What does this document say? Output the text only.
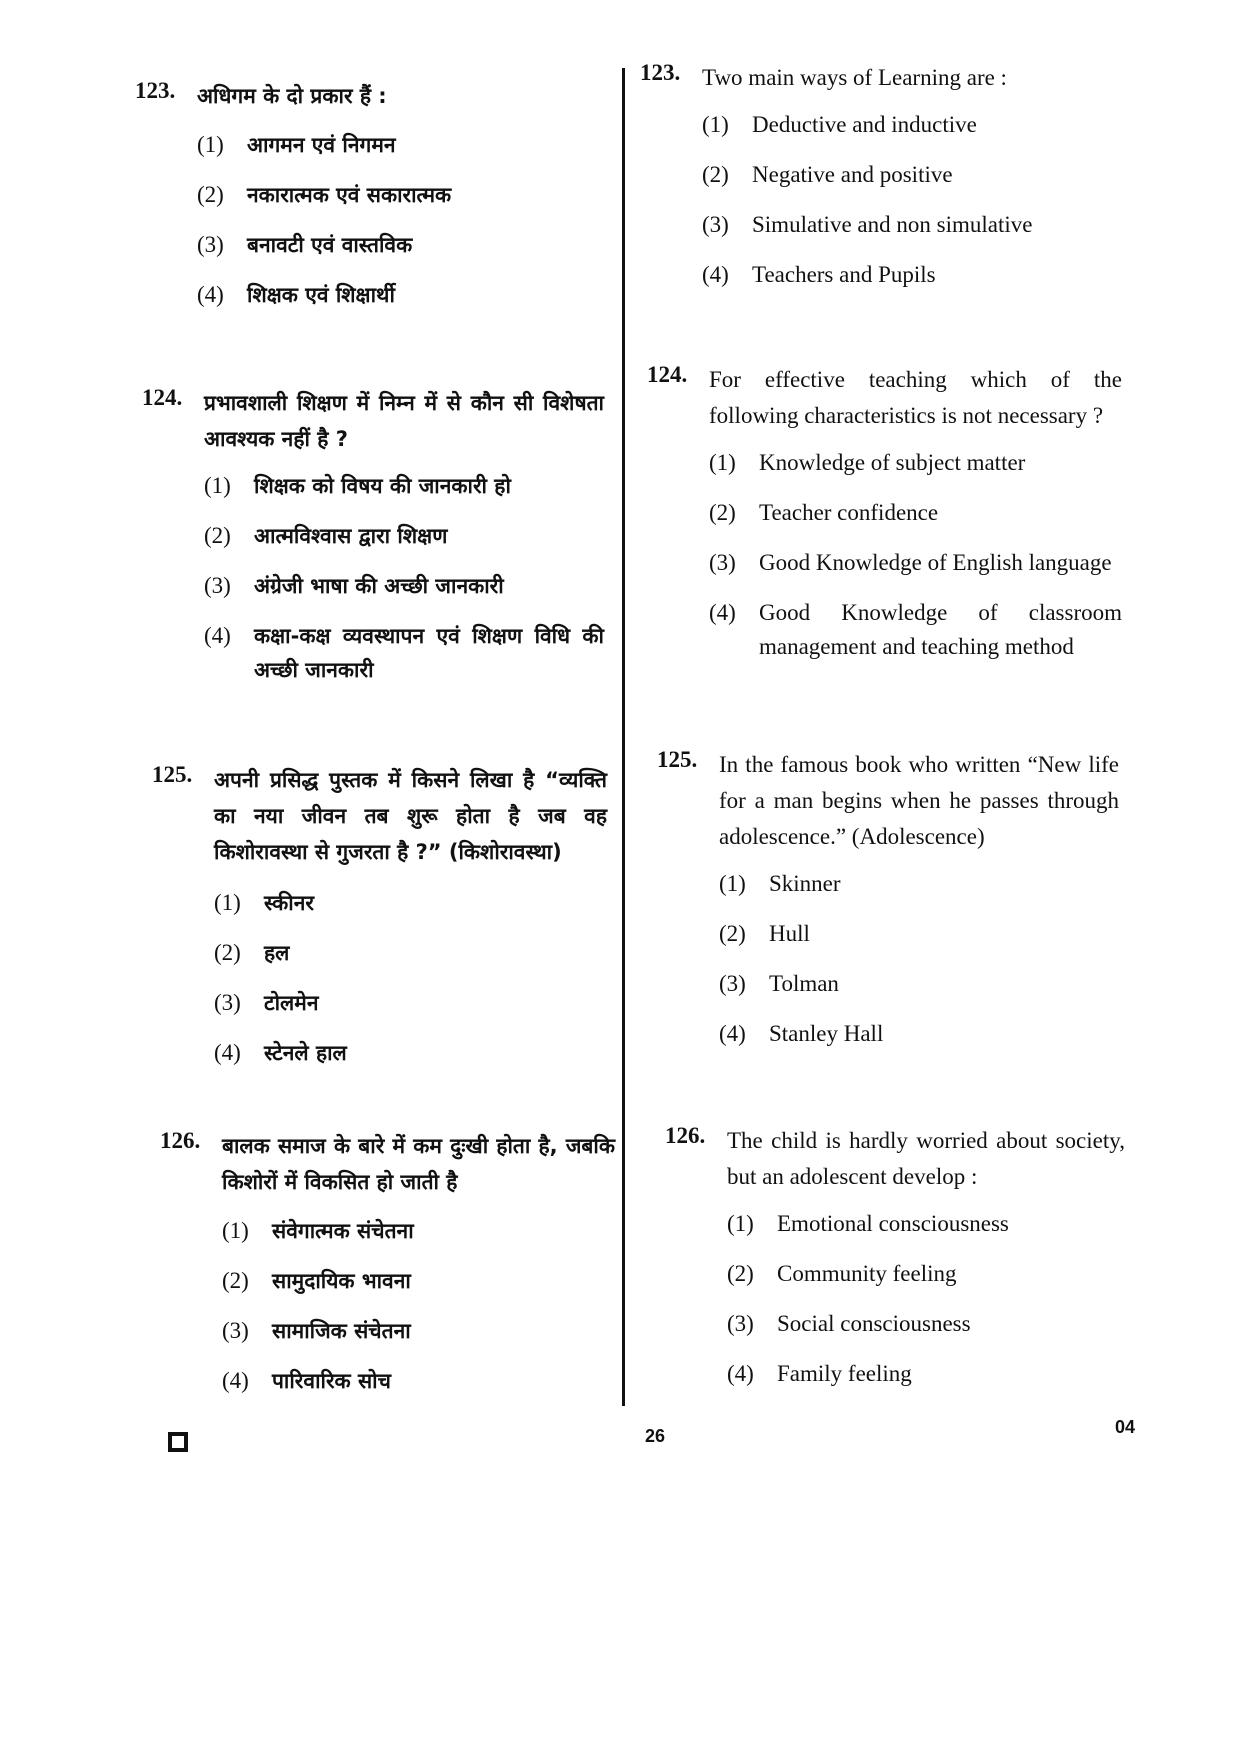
123. अधिगम के दो प्रकार हैं :
(1) आगमन एवं निगमन
(2) नकारात्मक एवं सकारात्मक
(3) बनावटी एवं वास्तविक
(4) शिक्षक एवं शिक्षार्थी
124. प्रभावशाली शिक्षण में निम्न में से कौन सी विशेषता आवश्यक नहीं है ?
(1) शिक्षक को विषय की जानकारी हो
(2) आत्मविश्वास द्वारा शिक्षण
(3) अंग्रेजी भाषा की अच्छी जानकारी
(4) कक्षा-कक्ष व्यवस्थापन एवं शिक्षण विधि की अच्छी जानकारी
125. अपनी प्रसिद्ध पुस्तक में किसने लिखा है “व्यक्ति का नया जीवन तब शुरू होता है जब वह किशोरावस्था से गुजरता है ?” (किशोरावस्था)
(1) स्कीनर
(2) हल
(3) टोलमेन
(4) स्टेनले हाल
126. बालक समाज के बारे में कम दुःखी होता है, जबकि किशोरों में विकसित हो जाती है
(1) संवेगात्मक संचेतना
(2) सामुदायिक भावना
(3) सामाजिक संचेतना
(4) पारिवारिक सोच
123. Two main ways of Learning are :
(1) Deductive and inductive
(2) Negative and positive
(3) Simulative and non simulative
(4) Teachers and Pupils
124. For effective teaching which of the following characteristics is not necessary ?
(1) Knowledge of subject matter
(2) Teacher confidence
(3) Good Knowledge of English language
(4) Good Knowledge of classroom management and teaching method
125. In the famous book who written “New life for a man begins when he passes through adolescence.” (Adolescence)
(1) Skinner
(2) Hull
(3) Tolman
(4) Stanley Hall
126. The child is hardly worried about society, but an adolescent develop :
(1) Emotional consciousness
(2) Community feeling
(3) Social consciousness
(4) Family feeling
26	04
